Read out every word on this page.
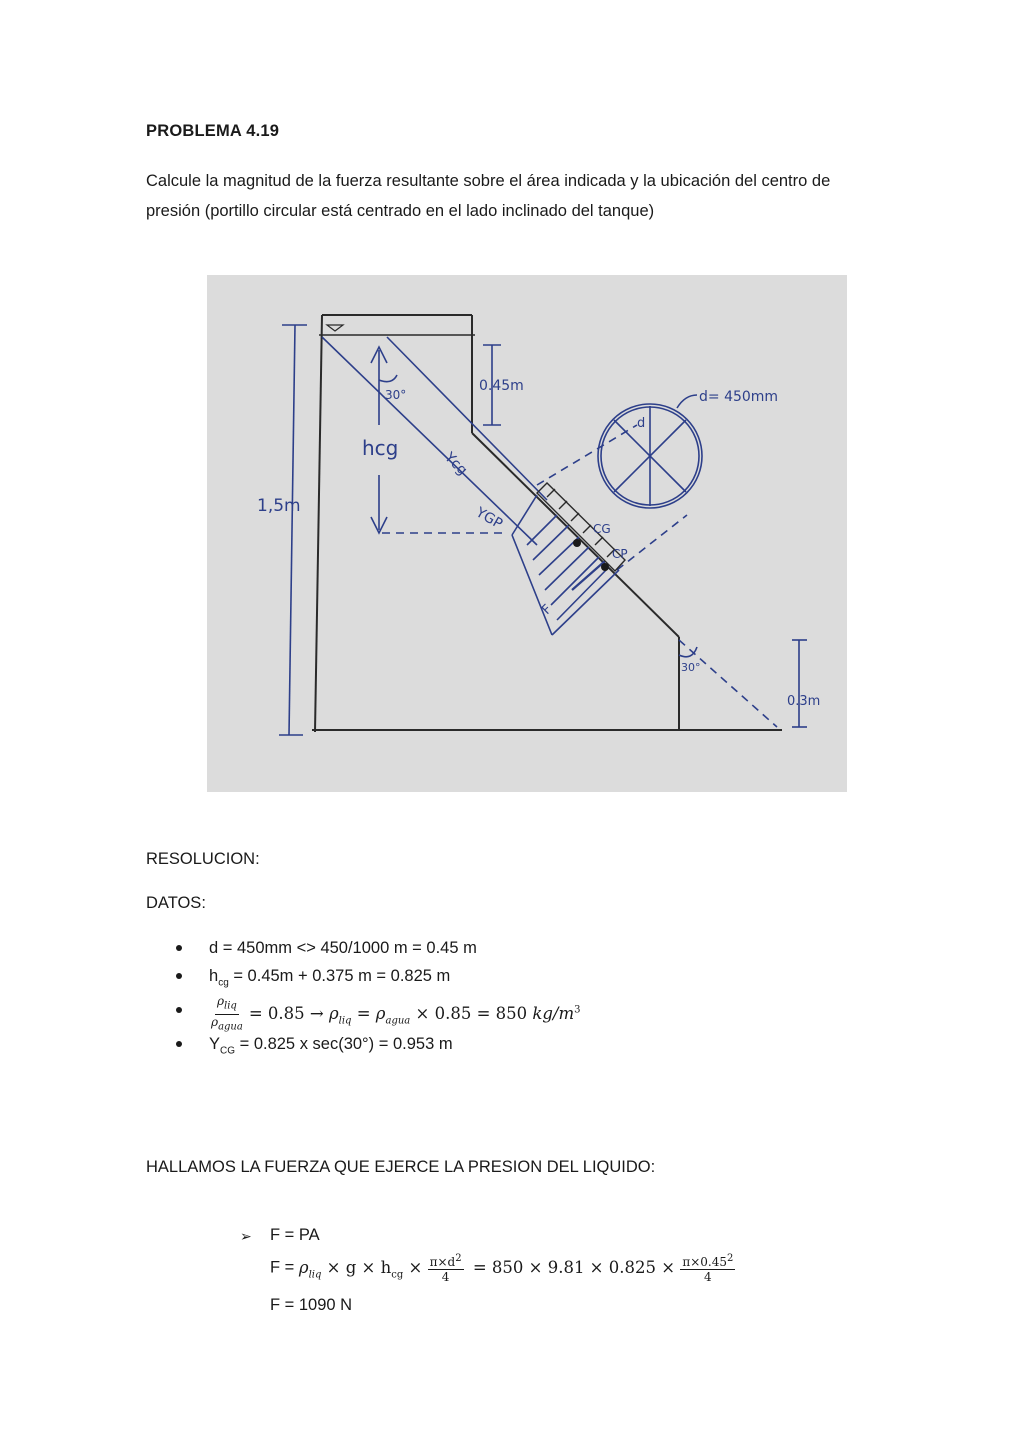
PROBLEMA 4.19
Calcule la magnitud de la fuerza resultante sobre el área indicada y la ubicación del centro de presión (portillo circular está centrado en el lado inclinado del tanque)
1,5m
0.45m
d= 450mm
d
hcg
Ycg
YGP	CG
CP
30°
30°
0.3m
F
RESOLUCION:
DATOS:
d = 450mm <> 450/1000 m = 0.45 m
$h_{cg} = 0.45m + 0.375$ m = 0.825 m
$\frac{\rho_{liq}}{\rho_{agua}} = 0.85 \to \rho_{liq} = \rho_{agua} \times 0.85 = 850$ $kg/m^3$
$Y_{CG} = 0.825$ x sec(30°) = 0.953 m
HALLAMOS LA FUERZA QUE EJERCE LA PRESION DEL LIQUIDO:
➢ F = PA
$F = \rho_{liq} \times g \times h_{cg} \times \frac{\pi\times d^2}{4} = 850 \times 9.81 \times 0.825 \times \frac{\pi\times 0.45^2}{4}$
F = 1090 N
